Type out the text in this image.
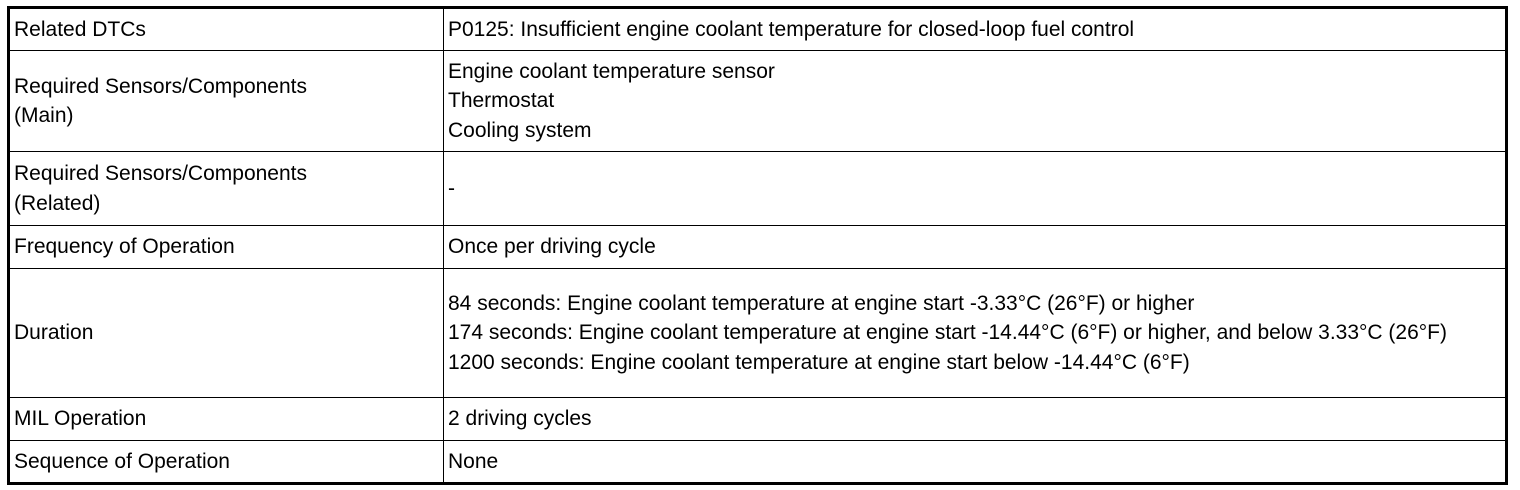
Related DTCs	P0125: Insufficient engine coolant temperature for closed-loop fuel control

Required Sensors/Components
(Main)	Engine coolant temperature sensor
Thermostat
Cooling system

Required Sensors/Components
(Related)	-

Frequency of Operation	Once per driving cycle

Duration	84 seconds: Engine coolant temperature at engine start -3.33°C (26°F) or higher
174 seconds: Engine coolant temperature at engine start -14.44°C (6°F) or higher, and below 3.33°C (26°F)
1200 seconds: Engine coolant temperature at engine start below -14.44°C (6°F)

MIL Operation	2 driving cycles

Sequence of Operation	None
